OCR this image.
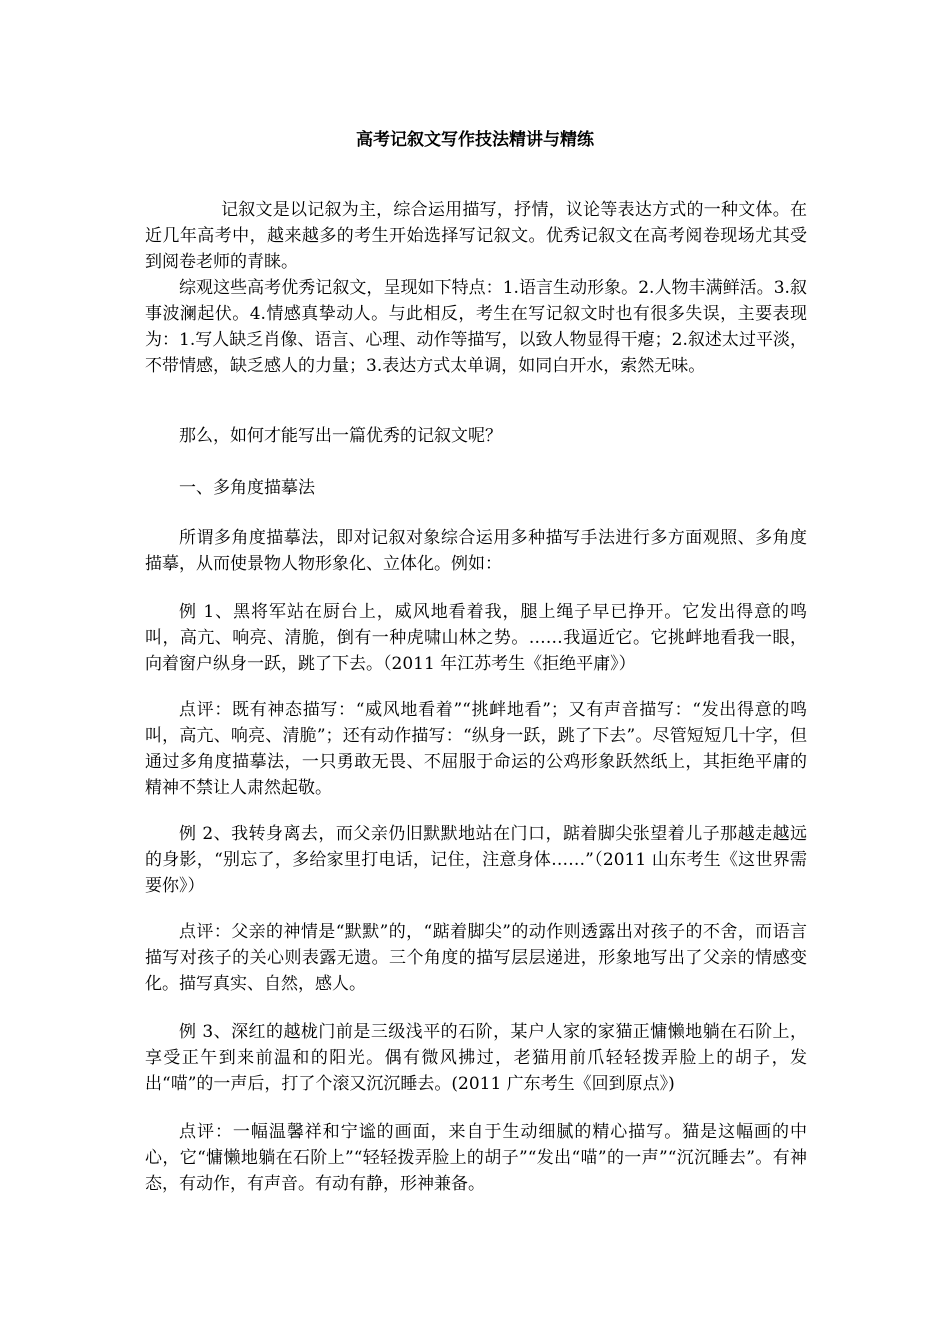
高考记叙文写作技法精讲与精练

记叙文是以记叙为主，综合运用描写，抒情，议论等表达方式的一种文体。在近几年高考中，越来越多的考生开始选择写记叙文。优秀记叙文在高考阅卷现场尤其受到阅卷老师的青睐。

综观这些高考优秀记叙文，呈现如下特点：1.语言生动形象。2.人物丰满鲜活。3.叙事波澜起伏。4.情感真挚动人。与此相反，考生在写记叙文时也有很多失误，主要表现为：1.写人缺乏肖像、语言、心理、动作等描写，以致人物显得干瘪；2.叙述太过平淡，不带情感，缺乏感人的力量；3.表达方式太单调，如同白开水，索然无味。

那么，如何才能写出一篇优秀的记叙文呢？

一、多角度描摹法

所谓多角度描摹法，即对记叙对象综合运用多种描写手法进行多方面观照、多角度描摹，从而使景物人物形象化、立体化。例如：

例 1、黑将军站在厨台上，威风地看着我，腿上绳子早已挣开。它发出得意的鸣叫，高亢、响亮、清脆，倒有一种虎啸山林之势。……我逼近它。它挑衅地看我一眼，向着窗户纵身一跃，跳了下去。（2011 年江苏考生《拒绝平庸》）

点评：既有神态描写：“威风地看着”“挑衅地看”；又有声音描写：“发出得意的鸣叫，高亢、响亮、清脆”；还有动作描写：“纵身一跃，跳了下去”。尽管短短几十字，但通过多角度描摹法，一只勇敢无畏、不屈服于命运的公鸡形象跃然纸上，其拒绝平庸的精神不禁让人肃然起敬。

例 2、我转身离去，而父亲仍旧默默地站在门口，踮着脚尖张望着儿子那越走越远的身影，“别忘了，多给家里打电话，记住，注意身体……”（2011 山东考生《这世界需要你》）

点评：父亲的神情是“默默”的，“踮着脚尖”的动作则透露出对孩子的不舍，而语言描写对孩子的关心则表露无遗。三个角度的描写层层递进，形象地写出了父亲的情感变化。描写真实、自然，感人。

例 3、深红的越栊门前是三级浅平的石阶，某户人家的家猫正慵懒地躺在石阶上，享受正午到来前温和的阳光。偶有微风拂过，老猫用前爪轻轻拨弄脸上的胡子，发出“喵”的一声后，打了个滚又沉沉睡去。(2011 广东考生《回到原点》)

点评：一幅温馨祥和宁谧的画面，来自于生动细腻的精心描写。猫是这幅画的中心，它“慵懒地躺在石阶上”“轻轻拨弄脸上的胡子”“发出“喵”的一声”“沉沉睡去”。有神态，有动作，有声音。有动有静，形神兼备。
